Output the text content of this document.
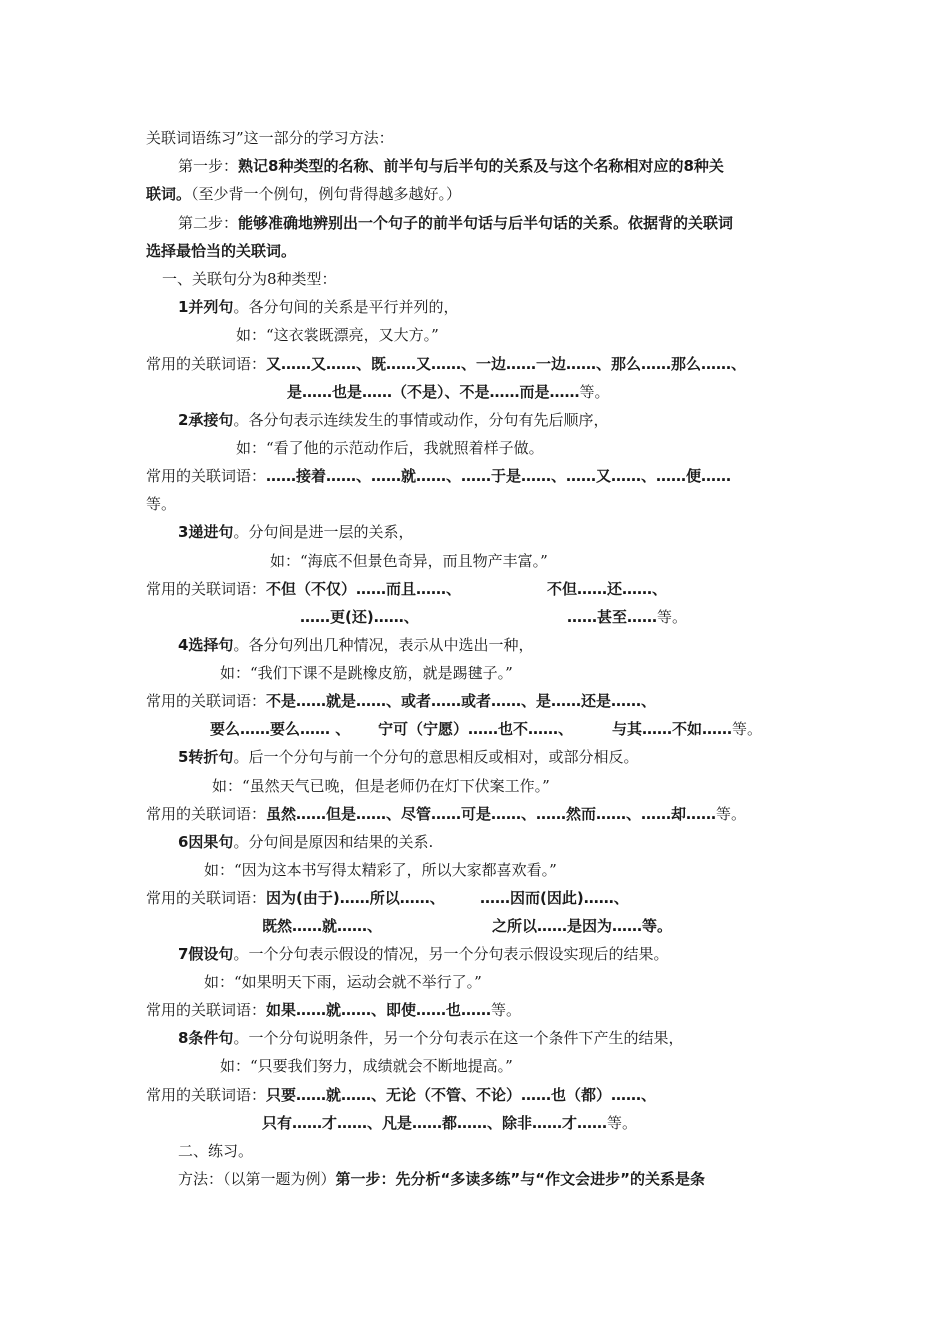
关联词语练习”这一部分的学习方法：
第一步：熟记8种类型的名称、前半句与后半句的关系及与这个名称相对应的8种关
联词。（至少背一个例句，例句背得越多越好。）
第二步：能够准确地辨别出一个句子的前半句话与后半句话的关系。依据背的关联词
选择最恰当的关联词。
一、关联句分为8种类型：
1并列句。各分句间的关系是平行并列的，
如：“这衣裳既漂亮，又大方。”
常用的关联词语：又……又……、既……又……、一边……一边……、那么……那么……、
是……也是……（不是）、不是……而是……等。
2承接句。各分句表示连续发生的事情或动作，分句有先后顺序，
如：“看了他的示范动作后，我就照着样子做。
常用的关联词语：……接着……、……就……、……于是……、……又……、……便……
等。
3递进句。分句间是进一层的关系，
如：“海底不但景色奇异，而且物产丰富。”
常用的关联词语：不但（不仅）……而且……、	不但……还……、
……更(还)……、	……甚至……等。
4选择句。各分句列出几种情况，表示从中选出一种，
如：“我们下课不是跳橡皮筋，就是踢毽子。”
常用的关联词语：不是……就是……、或者……或者……、是……还是……、
要么……要么…… 、 宁可（宁愿）……也不……、	与其……不如……等。
5转折句。后一个分句与前一个分句的意思相反或相对，或部分相反。
如：“虽然天气已晚，但是老师仍在灯下伏案工作。”
常用的关联词语：虽然……但是……、尽管……可是……、……然而……、……却……等。
6因果句。分句间是原因和结果的关系.
如：“因为这本书写得太精彩了，所以大家都喜欢看。”
常用的关联词语：因为(由于)……所以……、 ……因而(因此)……、
既然……就……、	之所以……是因为……等。
7假设句。一个分句表示假设的情况，另一个分句表示假设实现后的结果。
如：“如果明天下雨，运动会就不举行了。”
常用的关联词语：如果……就……、即使……也……等。
8条件句。一个分句说明条件，另一个分句表示在这一个条件下产生的结果，
如：“只要我们努力，成绩就会不断地提高。”
常用的关联词语：只要……就……、无论（不管、不论）……也（都）……、
只有……才……、凡是……都……、除非……才……等。
二、练习。
方法：（以第一题为例）第一步：先分析“多读多练”与“作文会进步”的关系是条
